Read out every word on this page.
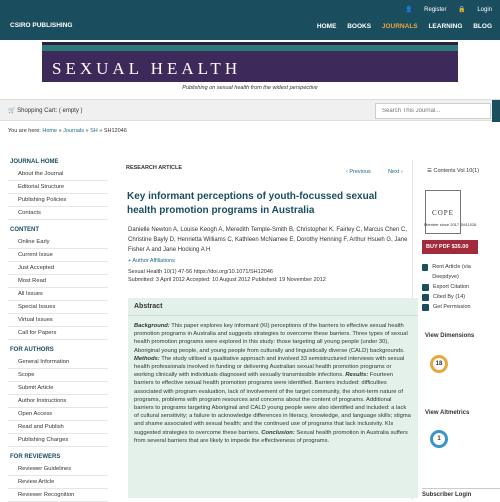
CSIRO PUBLISHING
👤 Register 🔒 Login
HOME BOOKS JOURNALS LEARNING BLOG
SEXUAL HEALTH
Publishing on sexual health from the widest perspective
🛒 Shopping Cart: ( empty )
Search This Journal...
You are here: Home » Journals » SH » SH12046
JOURNAL HOME
About the Journal
Editorial Structure
Publishing Policies
Contacts
CONTENT
Online Early
Current Issue
Just Accepted
Most Read
All Issues
Special Issues
Virtual Issues
Call for Papers
FOR AUTHORS
General Information
Scope
Submit Article
Author Instructions
Open Access
Read and Publish
Publishing Charges
FOR REVIEWERS
Reviewer Guidelines
Review Article
Reviewer Recognition
RESEARCH ARTICLE
‹ Previous	Next ›	☰ Contents Vol 10(1)
Key informant perceptions of youth-focussed sexual health promotion programs in Australia
Danielle Newton A, Louise Keogh A, Meredith Temple-Smith B, Christopher K. Fairley C, Marcus Chen C, Christine Bayly D, Henrietta Williams C, Kathleen McNamee E, Dorothy Henning F, Arthur Hsueh G, Jane Fisher A and Jane Hocking A H
+ Author Affiliations
Sexual Health 10(1) 47-56 https://doi.org/10.1071/SH12046
Submitted: 3 April 2012 Accepted: 10 August 2012 Published: 19 November 2012
Abstract
Background: This paper explores key informant (KI) perceptions of the barriers to effective sexual health promotion programs in Australia and suggests strategies to overcome these barriers. Three types of sexual health promotion programs were explored in this study: those targeting all young people (under 30), Aboriginal young people, and young people from culturally and linguistically diverse (CALD) backgrounds. Methods: The study utilised a qualitative approach and involved 33 semistructured interviews with sexual health professionals involved in funding or delivering Australian sexual health promotion programs or working clinically with individuals diagnosed with sexually transmissible infections. Results: Fourteen barriers to effective sexual health promotion programs were identified. Barriers included: difficulties associated with program evaluation, lack of involvement of the target community, the short-term nature of programs, problems with program resources and concerns about the content of programs. Additional barriers to programs targeting Aboriginal and CALD young people were also identified and included: a lack of cultural sensitivity; a failure to acknowledge differences in literacy, knowledge, and language skills; stigma and shame associated with sexual health; and the continued use of programs that lack inclusivity. KIs suggested strategies to overcome these barriers. Conclusion: Sexual health promotion in Australia suffers from several barriers that are likely to impede the effectiveness of programs.
COPE
Member since 2017 JM11026
BUY PDF $35.00
Rent Article (via Deepdyve)
Export Citation
Cited By (14)
Get Permission
View Dimensions
18
View Altmetrics
1
Subscriber Login
